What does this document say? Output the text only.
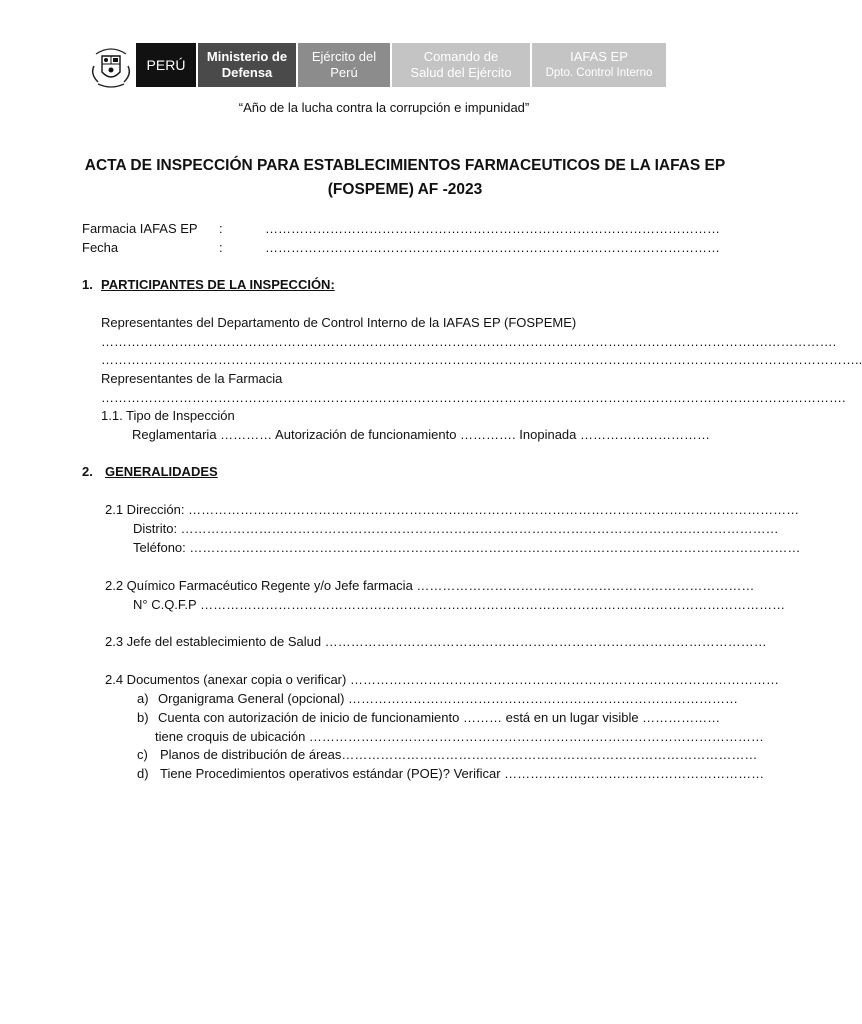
PERÚ
Ministerio de
Defensa
Ejército del
Perú
Comando de
Salud del Ejército
IAFAS EP
Dpto. Control Interno
“Año de la lucha contra la corrupción e impunidad”
ACTA DE INSPECCIÓN PARA ESTABLECIMIENTOS FARMACEUTICOS DE LA IAFAS EP
(FOSPEME) AF -2023
Farmacia IAFAS EP :	……………………………………………………………………………………………
Fecha	:	……………………………………………………………………………………………
1. PARTICIPANTES DE LA INSPECCIÓN:
Representantes del Departamento de Control Interno de la IAFAS EP (FOSPEME)
……………………………………………………………………………………………………………………………………….…………….
…………………………………………………………………………………………………………………………………………………………..
Representantes de la Farmacia
……………………………………………………………………………………………………………………………………………………….
1.1. Tipo de Inspección
Reglamentaria ………… Autorización de funcionamiento …………. Inopinada …………………………
2. GENERALIDADES
2.1 Dirección: ……………………………………………………………………………………………………………………………
Distrito: …………………………………………………………………………………………………………………………
Teléfono: ……………………………………………………………………………………………………………………………
2.2 Químico Farmacéutico Regente y/o Jefe farmacia ……………………………………………………………………
N° C.Q.F.P ………………………………………………………………………………………………………………………
2.3 Jefe del establecimiento de Salud …………………………………………………………………………………………
2.4 Documentos (anexar copia o verificar) ………………………………………………………………………………………
a) Organigrama General (opcional) ………………………………………………………………………………
b) Cuenta con autorización de inicio de funcionamiento ……… está en un lugar visible ………………
tiene croquis de ubicación ……………………………………………………………………………………………
c) Planos de distribución de áreas……………………………………………………………………………………
d) Tiene Procedimientos operativos estándar (POE)? Verificar ……………………………………………………
